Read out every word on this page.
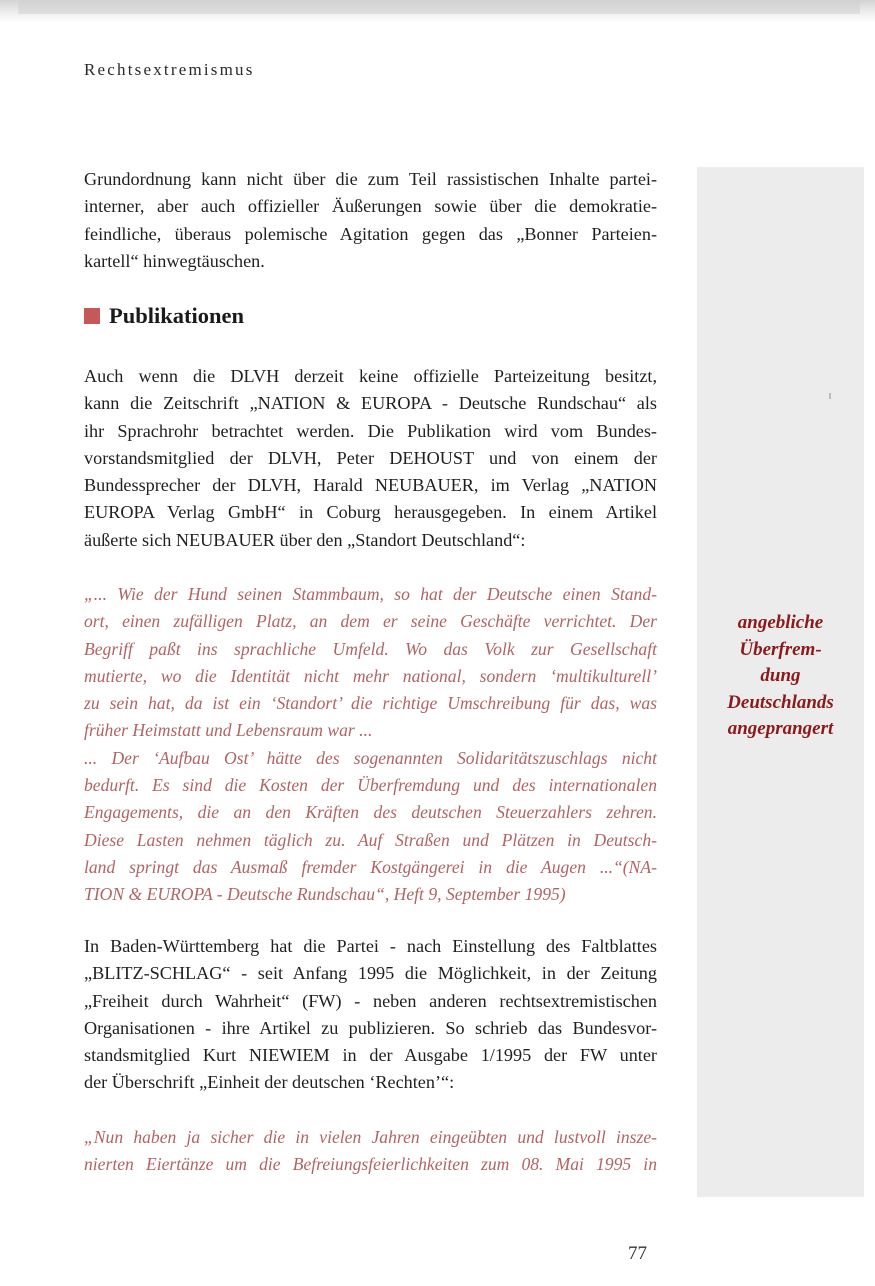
Rechtsextremismus
angebliche
Überfrem-
dung
Deutschlands
angeprangert

Grundordnung kann nicht über die zum Teil rassistischen Inhalte partei-
interner, aber auch offizieller Äußerungen sowie über die demokratie-
feindliche, überaus polemische Agitation gegen das „Bonner Parteien-
kartell“ hinwegtäuschen.

Publikationen

Auch wenn die DLVH derzeit keine offizielle Parteizeitung besitzt,
kann die Zeitschrift „NATION & EUROPA - Deutsche Rundschau“ als
ihr Sprachrohr betrachtet werden. Die Publikation wird vom Bundes-
vorstandsmitglied der DLVH, Peter DEHOUST und von einem der
Bundessprecher der DLVH, Harald NEUBAUER, im Verlag „NATION
EUROPA Verlag GmbH“ in Coburg herausgegeben. In einem Artikel
äußerte sich NEUBAUER über den „Standort Deutschland“:

„... Wie der Hund seinen Stammbaum, so hat der Deutsche einen Stand-
ort, einen zufälligen Platz, an dem er seine Geschäfte verrichtet. Der
Begriff paßt ins sprachliche Umfeld. Wo das Volk zur Gesellschaft
mutierte, wo die Identität nicht mehr national, sondern ‘multikulturell’
zu sein hat, da ist ein ‘Standort’ die richtige Umschreibung für das, was
früher Heimstatt und Lebensraum war ...
... Der ‘Aufbau Ost’ hätte des sogenannten Solidaritätszuschlags nicht
bedurft. Es sind die Kosten der Überfremdung und des internationalen
Engagements, die an den Kräften des deutschen Steuerzahlers zehren.
Diese Lasten nehmen täglich zu. Auf Straßen und Plätzen in Deutsch-
land springt das Ausmaß fremder Kostgängerei in die Augen ...“(NA-
TION & EUROPA - Deutsche Rundschau“, Heft 9, September 1995)

In Baden-Württemberg hat die Partei - nach Einstellung des Faltblattes
„BLITZ-SCHLAG“ - seit Anfang 1995 die Möglichkeit, in der Zeitung
„Freiheit durch Wahrheit“ (FW) - neben anderen rechtsextremistischen
Organisationen - ihre Artikel zu publizieren. So schrieb das Bundesvor-
standsmitglied Kurt NIEWIEM in der Ausgabe 1/1995 der FW unter
der Überschrift „Einheit der deutschen ‘Rechten’“:

„Nun haben ja sicher die in vielen Jahren eingeübten und lustvoll insze-
nierten Eiertänze um die Befreiungsfeierlichkeiten zum 08. Mai 1995 in

77
